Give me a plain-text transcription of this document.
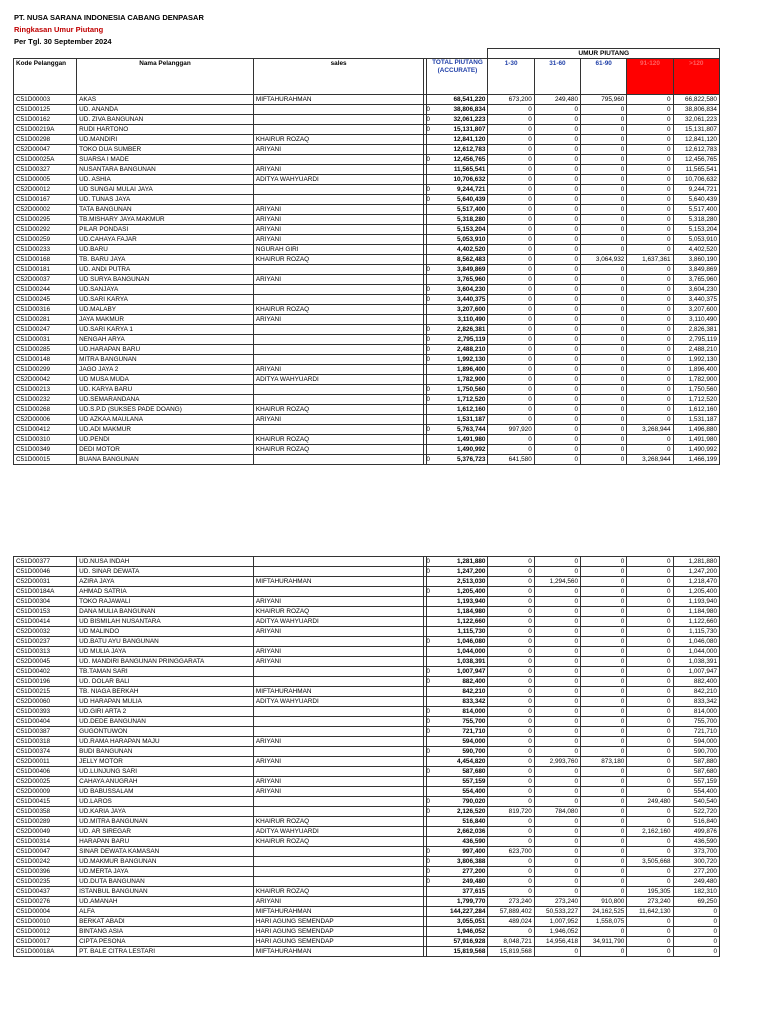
PT. NUSA SARANA INDONESIA CABANG DENPASAR
Ringkasan Umur Piutang
Per Tgl. 30 September 2024
					UMUR PIUTANG				
Kode Pelanggan	Nama Pelanggan	sales		TOTAL PIUTANG (ACCURATE)	1-30	31-60	61-90	91-120	>120
C51D00003	AKAS	MIFTAHURAHMAN		68,541,220	673,200	249,480	795,960	0	66,822,580
C51D00125	UD. ANANDA		0	38,806,834	0	0	0	0	38,806,834
C51D00162	UD. ZIVA BANGUNAN		0	32,061,223	0	0	0	0	32,061,223
C51D00219A	RUDI HARTONO		0	15,131,807	0	0	0	0	15,131,807
C51D00298	UD.MANDIRI	KHAIRUR ROZAQ		12,841,120	0	0	0	0	12,841,120
C52D00047	TOKO DUA SUMBER	ARIYANI		12,612,783	0	0	0	0	12,612,783
C51D00025A	SUARSA I MADE		0	12,456,765	0	0	0	0	12,456,765
C51D00327	NUSANTARA BANGUNAN	ARIYANI		11,565,541	0	0	0	0	11,565,541
C51D00005	UD. ASHIA	ADITYA WAHYUARDI		10,706,632	0	0	0	0	10,706,632
C52D00012	UD SUNGAI MULAI JAYA		0	9,244,721	0	0	0	0	9,244,721
C51D00167	UD. TUNAS JAYA		0	5,640,439	0	0	0	0	5,640,439
C52D00002	TATA BANGUNAN	ARIYANI		5,517,400	0	0	0	0	5,517,400
C51D00295	TB.MISHARY JAYA MAKMUR	ARIYANI		5,318,280	0	0	0	0	5,318,280
C51D00292	PILAR PONDASI	ARIYANI		5,153,204	0	0	0	0	5,153,204
C51D00259	UD.CAHAYA FAJAR	ARIYANI		5,053,910	0	0	0	0	5,053,910
C51D00233	UD.BARU	NGURAH GIRI		4,402,520	0	0	0	0	4,402,520
C51D00168	TB. BARU JAYA	KHAIRUR ROZAQ		8,562,483	0	0	3,064,932	1,637,361	3,860,190
C51D00181	UD. ANDI PUTRA		0	3,849,869	0	0	0	0	3,849,869
C52D00037	UD SURYA BANGUNAN	ARIYANI		3,765,960	0	0	0	0	3,765,960
C51D00244	UD.SANJAYA		0	3,604,230	0	0	0	0	3,604,230
C51D00245	UD.SARI KARYA		0	3,440,375	0	0	0	0	3,440,375
C51D00316	UD.MALABY	KHAIRUR ROZAQ		3,207,600	0	0	0	0	3,207,600
C51D00281	JAYA MAKMUR	ARIYANI		3,110,490	0	0	0	0	3,110,490
C51D00247	UD.SARI KARYA 1		0	2,826,381	0	0	0	0	2,826,381
C51D00031	NENGAH ARYA		0	2,795,119	0	0	0	0	2,795,119
C51D00285	UD.HARAPAN BARU		0	2,488,210	0	0	0	0	2,488,210
C51D00148	MITRA BANGUNAN		0	1,992,130	0	0	0	0	1,992,130
C51D00299	JAGO JAYA 2	ARIYANI		1,896,400	0	0	0	0	1,896,400
C52D00042	UD MUSA MUDA	ADITYA WAHYUARDI		1,782,900	0	0	0	0	1,782,900
C51D00213	UD. KARYA BARU		0	1,750,560	0	0	0	0	1,750,560
C51D00232	UD.SEMARANDANA		0	1,712,520	0	0	0	0	1,712,520
C51D00268	UD.S.P.D (SUKSES PADE DOANG)	KHAIRUR ROZAQ		1,612,160	0	0	0	0	1,612,160
C52D00006	UD AZKAA MAULANA	ARIYANI		1,531,187	0	0	0	0	1,531,187
C51D00412	UD.ADI MAKMUR		0	5,763,744	997,920	0	0	3,268,944	1,496,880
C51D00310	UD.PENDI	KHAIRUR ROZAQ		1,491,980	0	0	0	0	1,491,980
C51D00349	DEDI MOTOR	KHAIRUR ROZAQ		1,490,992	0	0	0	0	1,490,992
C51D00015	BUANA BANGUNAN		0	5,376,723	641,580	0	0	3,268,944	1,466,199
C51D00377	UD.NUSA INDAH		0	1,281,880	0	0	0	0	1,281,880
C51D00046	UD. SINAR DEWATA		0	1,247,200	0	0	0	0	1,247,200
C52D00031	AZIRA JAYA	MIFTAHURAHMAN		2,513,030	0	1,294,560	0	0	1,218,470
C51D00184A	AHMAD SATRIA		0	1,205,400	0	0	0	0	1,205,400
C51D00304	TOKO RAJAWALI	ARIYANI		1,193,940	0	0	0	0	1,193,940
C51D00153	DANA MULIA BANGUNAN	KHAIRUR ROZAQ		1,184,980	0	0	0	0	1,184,980
C51D00414	UD BISMILAH NUSANTARA	ADITYA WAHYUARDI		1,122,660	0	0	0	0	1,122,660
C52D00032	UD MALINDO	ARIYANI		1,115,730	0	0	0	0	1,115,730
C51D00237	UD.BATU AYU BANGUNAN		0	1,046,080	0	0	0	0	1,046,080
C51D00313	UD MULIA JAYA	ARIYANI		1,044,000	0	0	0	0	1,044,000
C52D00045	UD. MANDIRI BANGUNAN PRINGGARATA	ARIYANI		1,038,391	0	0	0	0	1,038,391
C51D00402	TB.TAMAN SARI		0	1,007,947	0	0	0	0	1,007,947
C51D00196	UD. DOLAR BALI		0	882,400	0	0	0	0	882,400
C51D00215	TB. NIAGA BERKAH	MIFTAHURAHMAN		842,210	0	0	0	0	842,210
C52D00060	UD HARAPAN MULIA	ADITYA WAHYUARDI		833,342	0	0	0	0	833,342
C51D00393	UD.GIRI ARTA 2		0	814,000	0	0	0	0	814,000
C51D00404	UD.DEDE BANGUNAN		0	755,700	0	0	0	0	755,700
C51D00387	GUGONTUWON		0	721,710	0	0	0	0	721,710
C51D00318	UD.RAMA HARAPAN MAJU	ARIYANI		594,000	0	0	0	0	594,000
C51D00374	BUDI BANGUNAN		0	590,700	0	0	0	0	590,700
C52D00011	JELLY MOTOR	ARIYANI		4,454,820	0	2,993,760	873,180	0	587,880
C51D00406	UD.LUNJUNG SARI		0	587,680	0	0	0	0	587,680
C52D00025	CAHAYA ANUGRAH	ARIYANI		557,159	0	0	0	0	557,159
C52D00009	UD BABUSSALAM	ARIYANI		554,400	0	0	0	0	554,400
C51D00415	UD.LAROS		0	790,020	0	0	0	249,480	540,540
C51D00358	UD.KARIA JAYA		0	2,126,520	819,720	784,080	0	0	522,720
C51D00289	UD.MITRA BANGUNAN	KHAIRUR ROZAQ		516,840	0	0	0	0	516,840
C52D00049	UD. AR SIREGAR	ADITYA WAHYUARDI		2,662,036	0	0	0	2,162,160	499,876
C51D00314	HARAPAN BARU	KHAIRUR ROZAQ		436,590	0	0	0	0	436,590
C51D00047	SINAR DEWATA KAMASAN		0	997,400	623,700	0	0	0	373,700
C51D00242	UD.MAKMUR BANGUNAN		0	3,806,388	0	0	0	3,505,668	300,720
C51D00396	UD.MERTA JAYA		0	277,200	0	0	0	0	277,200
C51D00235	UD.DUTA BANGUNAN		0	249,480	0	0	0	0	249,480
C51D00437	ISTANBUL BANGUNAN	KHAIRUR ROZAQ		377,615	0	0	0	195,305	182,310
C51D00276	UD.AMANAH	ARIYANI		1,799,770	273,240	273,240	910,800	273,240	69,250
C51D00004	ALFA	MIFTAHURAHMAN		144,227,284	57,889,402	50,533,227	24,162,525	11,642,130	0
C51D00010	BERKAT ABADI	HARI AGUNG SEMENDAP		3,055,051	489,024	1,007,952	1,558,075	0	0
C51D00012	BINTANG ASIA	HARI AGUNG SEMENDAP		1,946,052	0	1,946,052	0	0	0
C51D00017	CIPTA PESONA	HARI AGUNG SEMENDAP		57,916,928	8,048,721	14,956,418	34,911,790	0	0
C51D00018A	PT. BALE CITRA LESTARI	MIFTAHURAHMAN		15,819,568	15,819,568	0	0	0	0
